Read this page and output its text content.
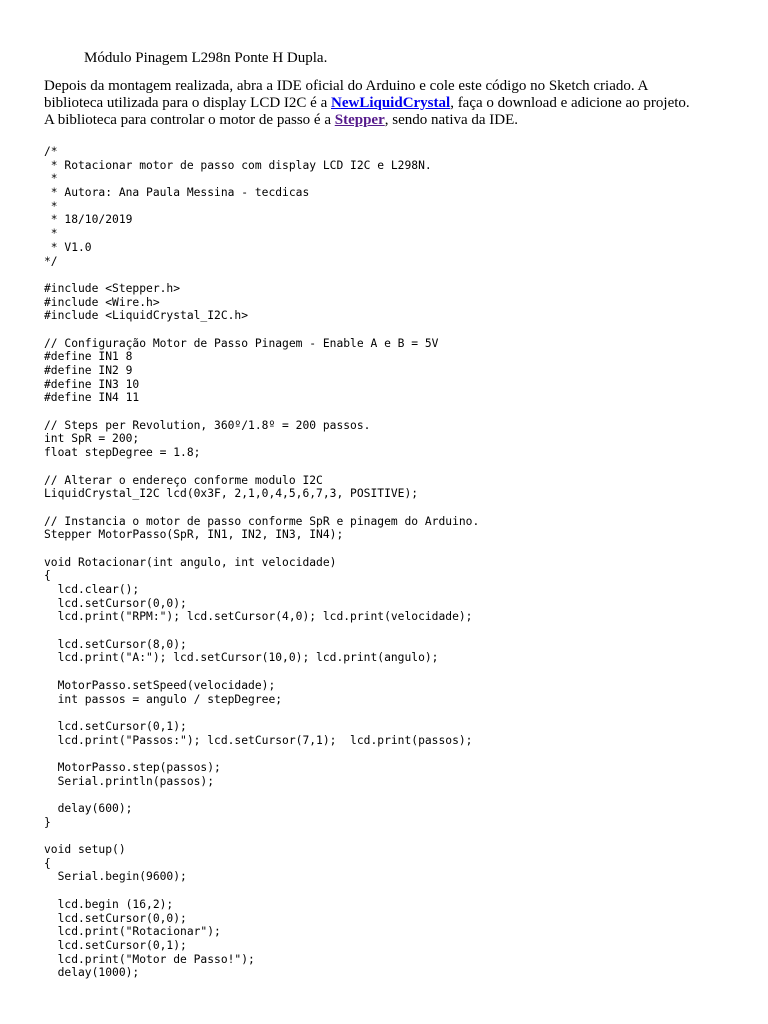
Módulo Pinagem L298n Ponte H Dupla.
Depois da montagem realizada, abra a IDE oficial do Arduino e cole este código no Sketch criado. A
biblioteca utilizada para o display LCD I2C é a NewLiquidCrystal, faça o download e adicione ao projeto.
A biblioteca para controlar o motor de passo é a Stepper, sendo nativa da IDE.
/*
* Rotacionar motor de passo com display LCD I2C e L298N.
*
* Autora: Ana Paula Messina - tecdicas
*
* 18/10/2019
*
* V1.0
*/

#include <Stepper.h>
#include <Wire.h>
#include <LiquidCrystal_I2C.h>

// Configuração Motor de Passo Pinagem - Enable A e B = 5V
#define IN1 8
#define IN2 9
#define IN3 10
#define IN4 11

// Steps per Revolution, 360º/1.8º = 200 passos.
int SpR = 200;
float stepDegree = 1.8;

// Alterar o endereço conforme modulo I2C
LiquidCrystal_I2C lcd(0x3F, 2,1,0,4,5,6,7,3, POSITIVE);

// Instancia o motor de passo conforme SpR e pinagem do Arduino.
Stepper MotorPasso(SpR, IN1, IN2, IN3, IN4);

void Rotacionar(int angulo, int velocidade)
{
lcd.clear();
lcd.setCursor(0,0);
lcd.print("RPM:"); lcd.setCursor(4,0); lcd.print(velocidade);

lcd.setCursor(8,0);
lcd.print("A:"); lcd.setCursor(10,0); lcd.print(angulo);

MotorPasso.setSpeed(velocidade);
int passos = angulo / stepDegree;

lcd.setCursor(0,1);
lcd.print("Passos:"); lcd.setCursor(7,1);  lcd.print(passos);

MotorPasso.step(passos);
Serial.println(passos);

delay(600);
}

void setup()
{
Serial.begin(9600);

lcd.begin (16,2);
lcd.setCursor(0,0);
lcd.print("Rotacionar");
lcd.setCursor(0,1);
lcd.print("Motor de Passo!");
delay(1000);
